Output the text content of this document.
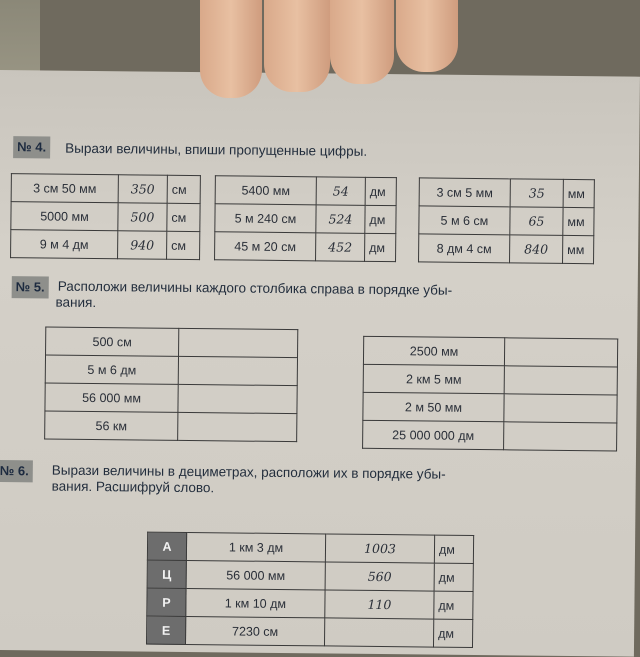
№ 4. Вырази величины, впиши пропущенные цифры.
3 см 50 мм	350	см
5000 мм	500	см
9 м 4 дм	940	см
5400 мм	54	дм
5 м 240 см	524	дм
45 м 20 см	452	дм
3 см 5 мм	35	мм
5 м 6 см	65	мм
8 дм 4 см	840	мм
№ 5. Расположи величины каждого столбика справа в порядке убы-
вания.
500 см	
5 м 6 дм	
56 000 мм	
56 км	
2500 мм	
2 км 5 мм	
2 м 50 мм	
25 000 000 дм	
№ 6. Вырази величины в дециметрах, расположи их в порядке убы-
вания. Расшифруй слово.
А	1 км 3 дм	1003	дм
Ц	56 000 мм	560	дм
Р	1 км 10 дм	110	дм
Е	7230 см		дм
